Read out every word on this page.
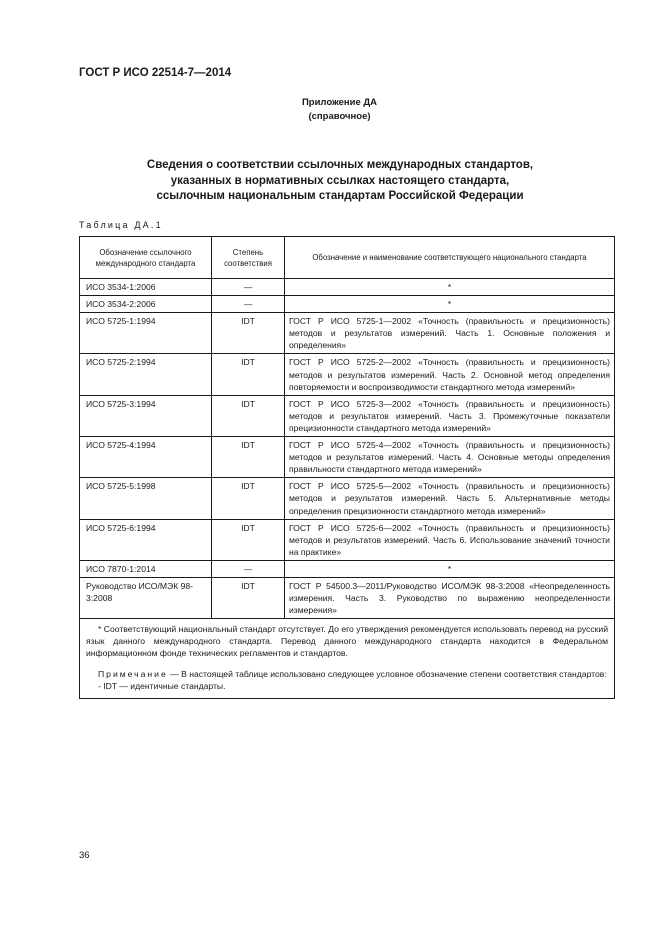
ГОСТ Р ИСО 22514-7—2014
Приложение ДА
(справочное)
Сведения о соответствии ссылочных международных стандартов,
указанных в нормативных ссылках настоящего стандарта,
ссылочным национальным стандартам Российской Федерации
Таблица ДА.1
Обозначение ссылочного международного стандарта	Степень соответствия	Обозначение и наименование соответствующего национального стандарта
ИСО 3534-1:2006	—	*
ИСО 3534-2:2006	—	*
ИСО 5725-1:1994	IDT	ГОСТ Р ИСО 5725-1—2002 «Точность (правильность и прецизионность) методов и результатов измерений. Часть 1. Основные положения и определения»
ИСО 5725-2:1994	IDT	ГОСТ Р ИСО 5725-2—2002 «Точность (правильность и прецизионность) методов и результатов измерений. Часть 2. Основной метод определения повторяемости и воспроизводимости стандартного метода измерений»
ИСО 5725-3:1994	IDT	ГОСТ Р ИСО 5725-3—2002 «Точность (правильность и прецизионность) методов и результатов измерений. Часть 3. Промежуточные показатели прецизионности стандартного метода измерений»
ИСО 5725-4:1994	IDT	ГОСТ Р ИСО 5725-4—2002 «Точность (правильность и прецизионность) методов и результатов измерений. Часть 4. Основные методы определения правильности стандартного метода измерений»
ИСО 5725-5:1998	IDT	ГОСТ Р ИСО 5725-5—2002 «Точность (правильность и прецизионность) методов и результатов измерений. Часть 5. Альтернативные методы определения прецизионности стандартного метода измерений»
ИСО 5725-6:1994	IDT	ГОСТ Р ИСО 5725-6—2002 «Точность (правильность и прецизионность) методов и результатов измерений. Часть 6. Использование значений точности на практике»
ИСО 7870-1:2014	—	*
Руководство ИСО/МЭК 98-3:2008	IDT	ГОСТ Р 54500.3—2011/Руководство ИСО/МЭК 98-3:2008 «Неопределенность измерения. Часть 3. Руководство по выражению неопределенности измерения»

* Соответствующий национальный стандарт отсутствует. До его утверждения рекомендуется использовать перевод на русский язык данного международного стандарта. Перевод данного международного стандарта находится в Федеральном информационном фонде технических регламентов и стандартов.

Примечание — В настоящей таблице использовано следующее условное обозначение степени соответствия стандартов:

- IDT — идентичные стандарты.		

36
